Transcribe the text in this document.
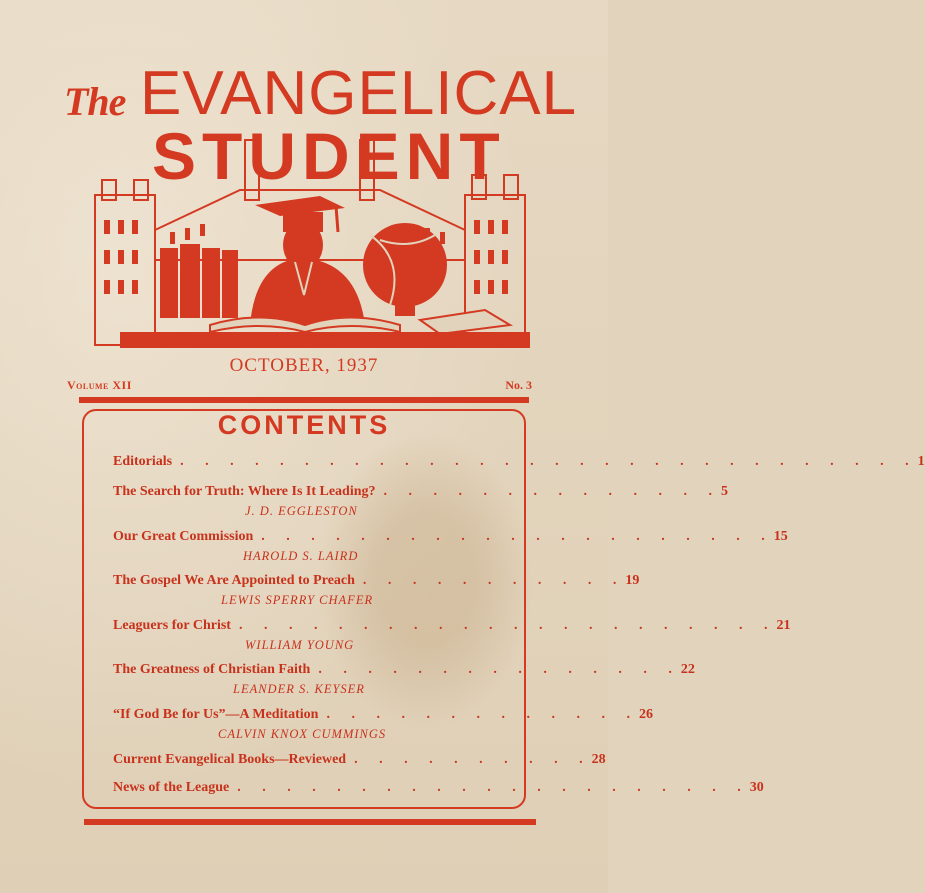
The EVANGELICAL
STUDENT
OCTOBER, 1937
Volume XII	No. 3
CONTENTS
Editorials . . . . . . . . . . . . . . . . . . . . . . . . . . . . . . 1
The Search for Truth: Where Is It Leading? . . . . . . . . . . . . . . 5
J. D. EGGLESTON
Our Great Commission . . . . . . . . . . . . . . . . . . . . . 15
HAROLD S. LAIRD
The Gospel We Are Appointed to Preach . . . . . . . . . . . 19
LEWIS SPERRY CHAFER
Leaguers for Christ . . . . . . . . . . . . . . . . . . . . . . 21
WILLIAM YOUNG
The Greatness of Christian Faith . . . . . . . . . . . . . . . 22
LEANDER S. KEYSER
“If God Be for Us”—A Meditation . . . . . . . . . . . . . 26
CALVIN KNOX CUMMINGS
Current Evangelical Books—Reviewed . . . . . . . . . . 28
News of the League . . . . . . . . . . . . . . . . . . . . . 30
